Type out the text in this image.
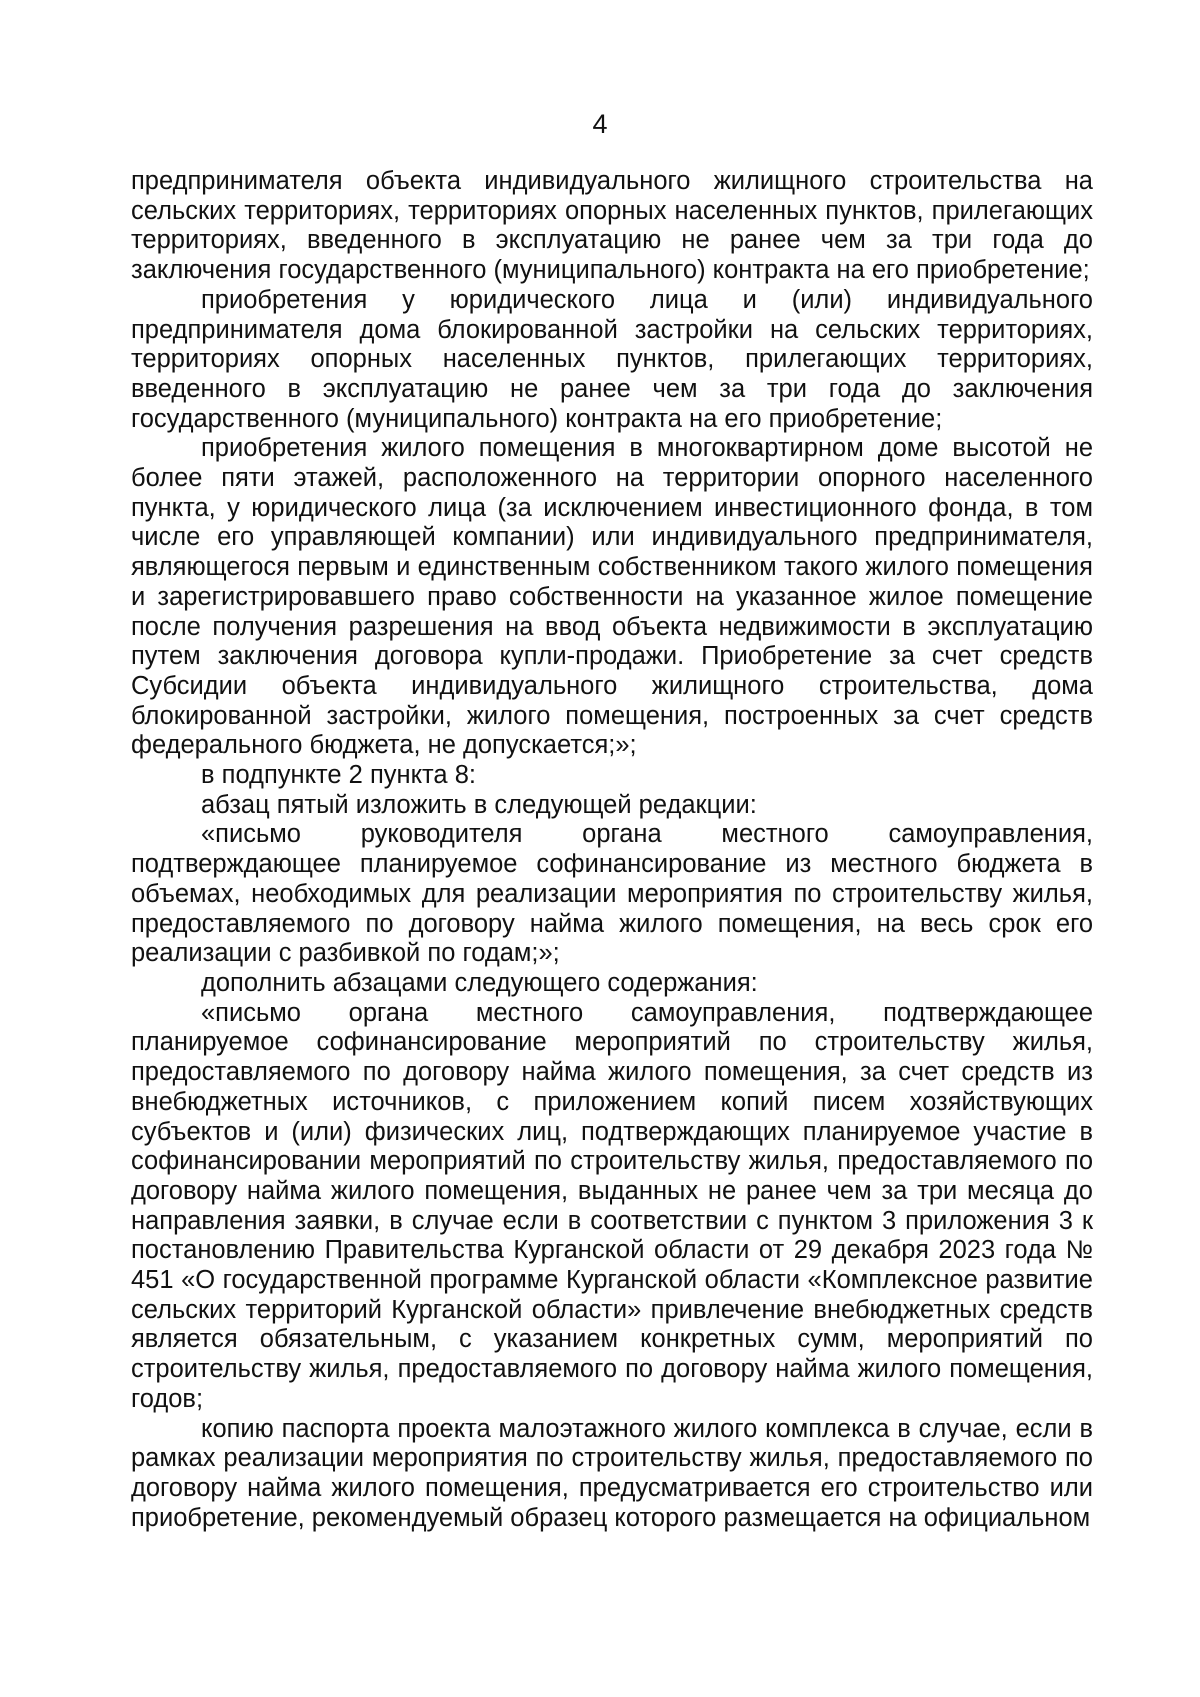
4

предпринимателя объекта индивидуального жилищного строительства на сельских территориях, территориях опорных населенных пунктов, прилегающих территориях, введенного в эксплуатацию не ранее чем за три года до заключения государственного (муниципального) контракта на его приобретение;

приобретения у юридического лица и (или) индивидуального предпринимателя дома блокированной застройки на сельских территориях, территориях опорных населенных пунктов, прилегающих территориях, введенного в эксплуатацию не ранее чем за три года до заключения государственного (муниципального) контракта на его приобретение;

приобретения жилого помещения в многоквартирном доме высотой не более пяти этажей, расположенного на территории опорного населенного пункта, у юридического лица (за исключением инвестиционного фонда, в том числе его управляющей компании) или индивидуального предпринимателя, являющегося первым и единственным собственником такого жилого помещения и зарегистрировавшего право собственности на указанное жилое помещение после получения разрешения на ввод объекта недвижимости в эксплуатацию путем заключения договора купли-продажи. Приобретение за счет средств Субсидии объекта индивидуального жилищного строительства, дома блокированной застройки, жилого помещения, построенных за счет средств федерального бюджета, не допускается;»;

в подпункте 2 пункта 8:

абзац пятый изложить в следующей редакции:

«письмо руководителя органа местного самоуправления, подтверждающее планируемое софинансирование из местного бюджета в объемах, необходимых для реализации мероприятия по строительству жилья, предоставляемого по договору найма жилого помещения, на весь срок его реализации с разбивкой по годам;»;

дополнить абзацами следующего содержания:

«письмо органа местного самоуправления, подтверждающее планируемое софинансирование мероприятий по строительству жилья, предоставляемого по договору найма жилого помещения, за счет средств из внебюджетных источников, с приложением копий писем хозяйствующих субъектов и (или) физических лиц, подтверждающих планируемое участие в софинансировании мероприятий по строительству жилья, предоставляемого по договору найма жилого помещения, выданных не ранее чем за три месяца до направления заявки, в случае если в соответствии с пунктом 3 приложения 3 к постановлению Правительства Курганской области от 29 декабря 2023 года № 451 «О государственной программе Курганской области «Комплексное развитие сельских территорий Курганской области» привлечение внебюджетных средств является обязательным, с указанием конкретных сумм, мероприятий по строительству жилья, предоставляемого по договору найма жилого помещения, годов;

копию паспорта проекта малоэтажного жилого комплекса в случае, если в рамках реализации мероприятия по строительству жилья, предоставляемого по договору найма жилого помещения, предусматривается его строительство или приобретение, рекомендуемый образец которого размещается на официальном
